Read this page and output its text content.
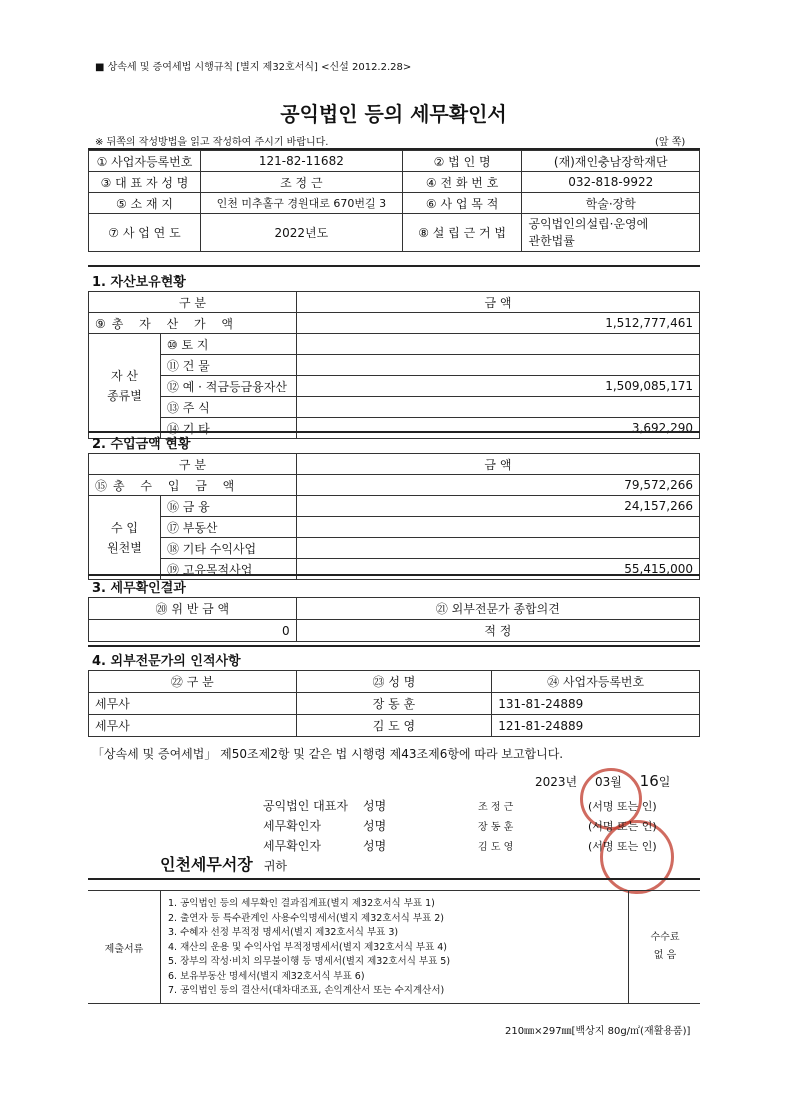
■ 상속세 및 증여세법 시행규칙 [별지 제32호서식] <신설 2012.2.28>
공익법인 등의 세무확인서
※ 뒤쪽의 작성방법을 읽고 작성하여 주시기 바랍니다.	(앞 쪽)
① 사업자등록번호	121-82-11682	② 법 인 명	(재)재인충남장학재단
③ 대 표 자 성 명	조 정 근	④ 전 화 번 호	032-818-9922
⑤ 소 재 지	인천 미추홀구 경원대로 670번길 3	⑥ 사 업 목 적	학술·장학
⑦ 사 업 연 도	2022년도	⑧ 설 립 근 거 법	공익법인의설립·운영에
관한법률
1. 자산보유현황
구 분		금 액
⑨총 자 산 가 액		1,512,777,461
자 산
종류별	⑩ 토 지	
	⑪ 건 물	
	⑫ 예 · 적금등금융자산	1,509,085,171
	⑬ 주 식	
	⑭ 기 타	3,692,290
2. 수입금액 현황
구 분		금 액
⑮총 수 입 금 액		79,572,266
수 입
원천별	⑯ 금 융	24,157,266
	⑰ 부동산	
	⑱ 기타 수익사업	
	⑲ 고유목적사업	55,415,000
3. 세무확인결과
⑳ 위 반 금 액	㉑ 외부전문가 종합의견
0	적 정
4. 외부전문가의 인적사항
㉒ 구 분	㉓ 성 명	㉔ 사업자등록번호
세무사	장 동 훈	131-81-24889
세무사	김 도 영	121-81-24889
「상속세 및 증여세법」 제50조제2항 및 같은 법 시행령 제43조제6항에 따라 보고합니다.
2023년 03월 16일
공익법인 대표자 성명	조 정 근	(서명 또는 인)
세무확인자	성명	장 동 훈	(서명 또는 인)
세무확인자	성명	김 도 영	(서명 또는 인)
인천세무서장 귀하
제출서류
1. 공익법인 등의 세무확인 결과집계표(별지 제32호서식 부표 1)
2. 출연자 등 특수관계인 사용수익명세서(별지 제32호서식 부표 2)
3. 수혜자 선정 부적정 명세서(별지 제32호서식 부표 3)
4. 재산의 운용 및 수익사업 부적정명세서(별지 제32호서식 부표 4)
5. 장부의 작성·비치 의무불이행 등 명세서(별지 제32호서식 부표 5)
6. 보유부동산 명세서(별지 제32호서식 부표 6)
7. 공익법인 등의 결산서(대차대조표, 손익계산서 또는 수지계산서)
수수료
없 음
210㎜×297㎜[백상지 80g/㎡(재활용품)]
